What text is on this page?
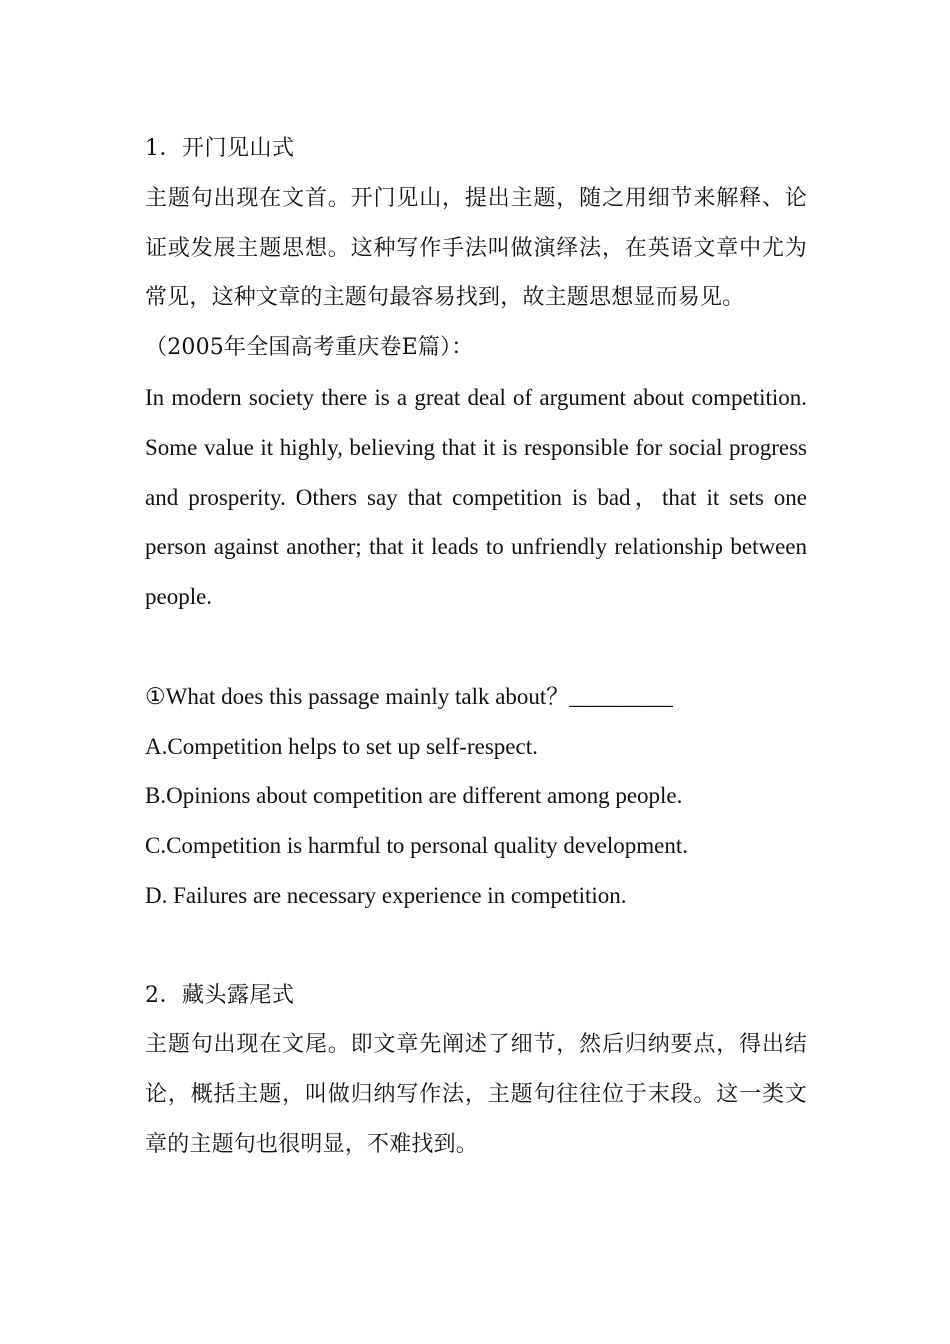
1．开门见山式

主题句出现在文首。开门见山，提出主题，随之用细节来解释、论证或发展主题思想。这种写作手法叫做演绎法，在英语文章中尤为常见，这种文章的主题句最容易找到，故主题思想显而易见。

（2005年全国高考重庆卷E篇）：

In modern society there is a great deal of argument about competition. Some value it highly, believing that it is responsible for social progress and prosperity. Others say that competition is bad，that it sets one person against another; that it leads to unfriendly relationship between people.

①What does this passage mainly talk about？_________

A.Competition helps to set up self-respect.

B.Opinions about competition are different among people.

C.Competition is harmful to personal quality development.

D. Failures are necessary experience in competition.

2．藏头露尾式

主题句出现在文尾。即文章先阐述了细节，然后归纳要点，得出结论，概括主题，叫做归纳写作法，主题句往往位于末段。这一类文章的主题句也很明显，不难找到。
